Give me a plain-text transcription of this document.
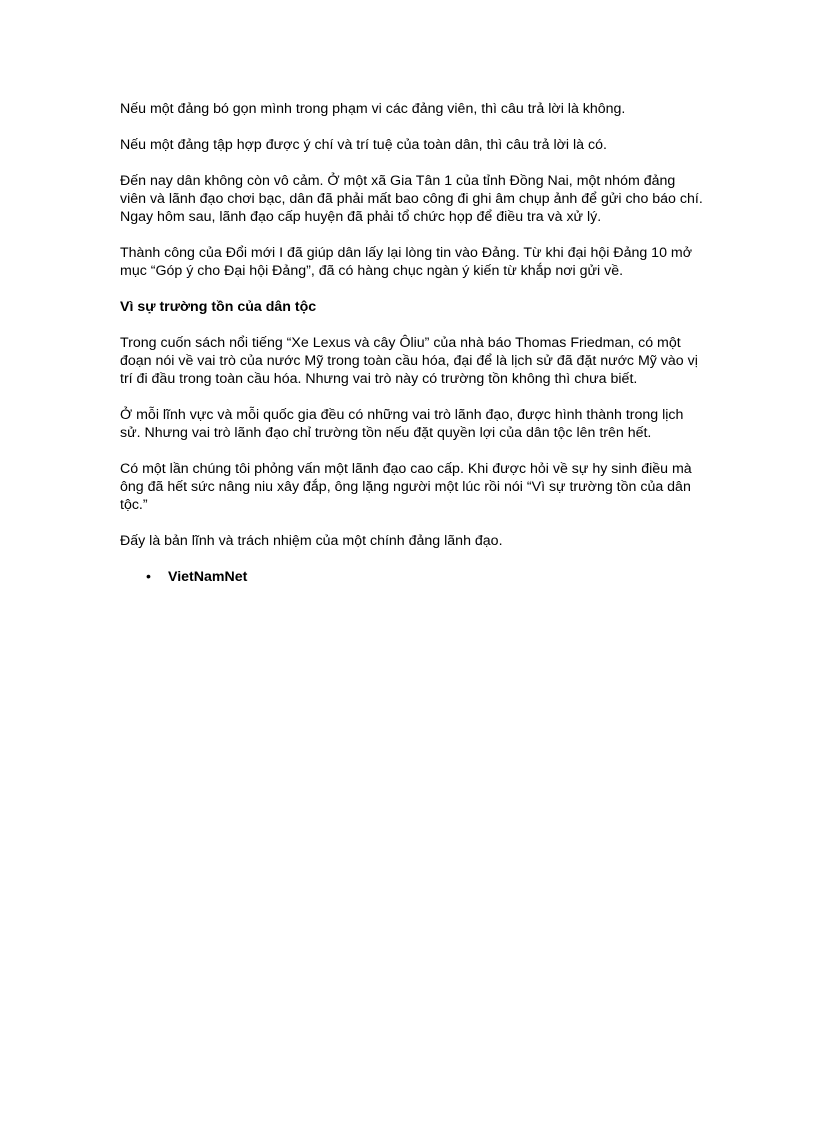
Nếu một đảng bó gọn mình trong phạm vi các đảng viên, thì câu trả lời là không.

Nếu một đảng tập hợp được ý chí và trí tuệ của toàn dân, thì câu trả lời là có.

Đến nay dân không còn vô cảm. Ở một xã Gia Tân 1 của tỉnh Đồng Nai, một nhóm đảng viên và lãnh đạo chơi bạc, dân đã phải mất bao công đi ghi âm chụp ảnh để gửi cho báo chí. Ngay hôm sau, lãnh đạo cấp huyện đã phải tổ chức họp để điều tra và xử lý.

Thành công của Đổi mới I đã giúp dân lấy lại lòng tin vào Đảng. Từ khi đại hội Đảng 10 mở mục “Góp ý cho Đại hội Đảng”, đã có hàng chục ngàn ý kiến từ khắp nơi gửi về.

Vì sự trường tồn của dân tộc

Trong cuốn sách nổi tiếng “Xe Lexus và cây Ôliu” của nhà báo Thomas Friedman, có một đoạn nói về vai trò của nước Mỹ trong toàn cầu hóa, đại để là lịch sử đã đặt nước Mỹ vào vị trí đi đầu trong toàn cầu hóa. Nhưng vai trò này có trường tồn không thì chưa biết.

Ở mỗi lĩnh vực và mỗi quốc gia đều có những vai trò lãnh đạo, được hình thành trong lịch sử. Nhưng vai trò lãnh đạo chỉ trường tồn nếu đặt quyền lợi của dân tộc lên trên hết.

Có một lần chúng tôi phỏng vấn một lãnh đạo cao cấp. Khi được hỏi về sự hy sinh điều mà ông đã hết sức nâng niu xây đắp, ông lặng người một lúc rồi nói “Vì sự trường tồn của dân tộc.”

Đấy là bản lĩnh và trách nhiệm của một chính đảng lãnh đạo.

• VietNamNet
